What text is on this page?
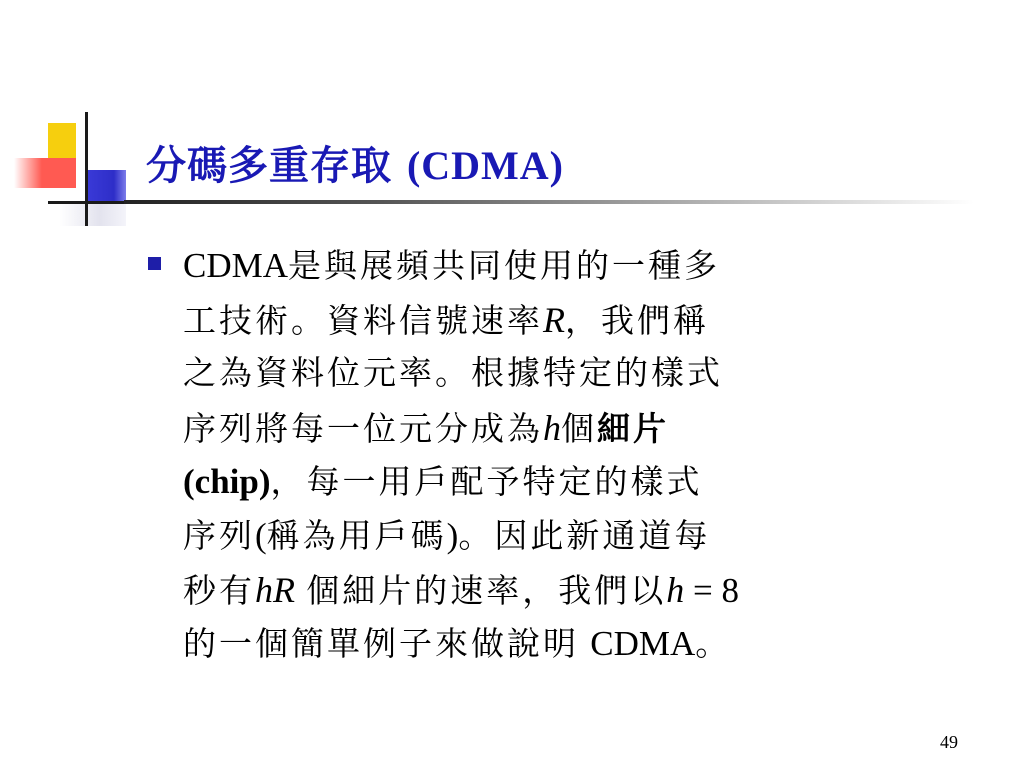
分碼多重存取 (CDMA)
CDMA是與展頻共同使用的一種多
工技術。資料信號速率R，我們稱
之為資料位元率。根據特定的樣式
序列將每一位元分成為h個細片
(chip)，每一用戶配予特定的樣式
序列(稱為用戶碼)。因此新通道每
秒有hR 個細片的速率，我們以h = 8
的一個簡單例子來做說明 CDMA。
49
